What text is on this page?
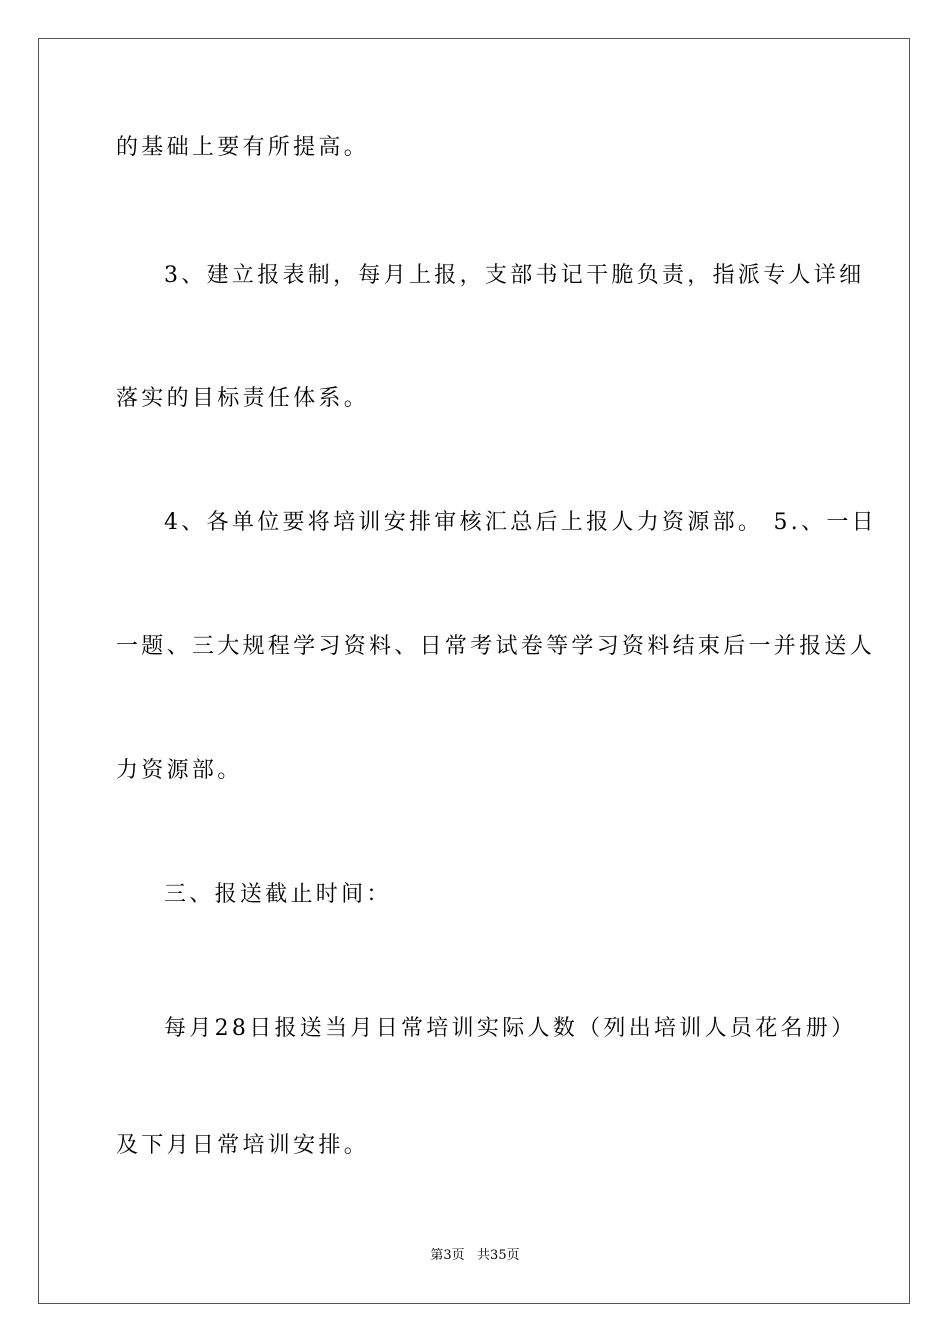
的基础上要有所提高。
3、建立报表制，每月上报，支部书记干脆负责，指派专人详细
落实的目标责任体系。
4、各单位要将培训安排审核汇总后上报人力资源部。 5.、一日
一题、三大规程学习资料、日常考试卷等学习资料结束后一并报送人
力资源部。
三、报送截止时间：
每月28日报送当月日常培训实际人数（列出培训人员花名册）
及下月日常培训安排。
第3页   共35页
